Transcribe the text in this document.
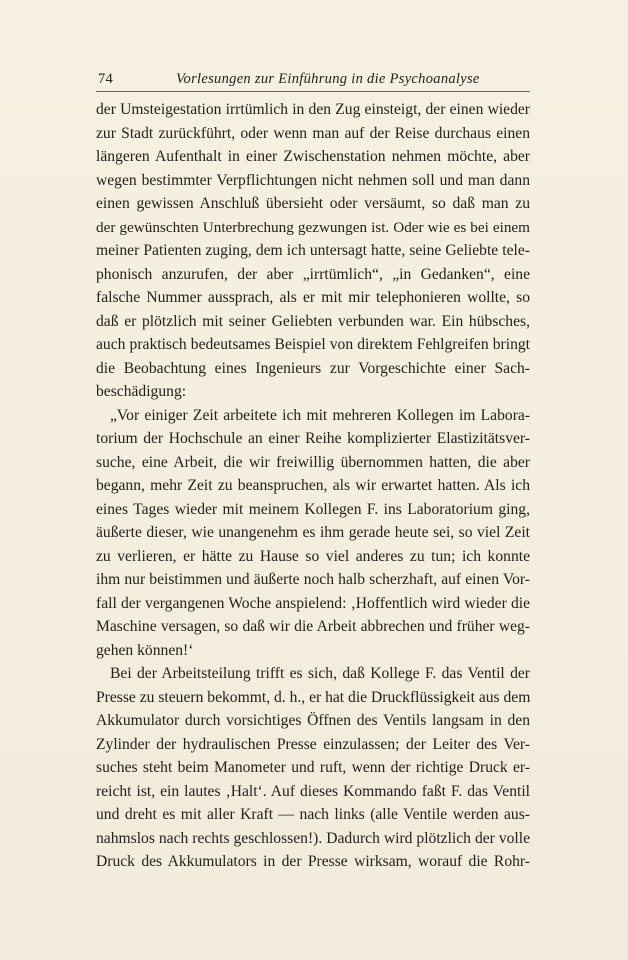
74	Vorlesungen zur Einführung in die Psychoanalyse
der Umsteigestation irrtümlich in den Zug einsteigt, der einen wieder
zur Stadt zurückführt, oder wenn man auf der Reise durchaus einen
längeren Aufenthalt in einer Zwischenstation nehmen möchte, aber
wegen bestimmter Verpflichtungen nicht nehmen soll und man dann
einen gewissen Anschluß übersieht oder versäumt, so daß man zu
der gewünschten Unterbrechung gezwungen ist. Oder wie es bei einem
meiner Patienten zuging, dem ich untersagt hatte, seine Geliebte tele-
phonisch anzurufen, der aber „irrtümlich“, „in Gedanken“, eine
falsche Nummer aussprach, als er mit mir telephonieren wollte, so
daß er plötzlich mit seiner Geliebten verbunden war. Ein hübsches,
auch praktisch bedeutsames Beispiel von direktem Fehlgreifen bringt
die Beobachtung eines Ingenieurs zur Vorgeschichte einer Sach-
beschädigung:
„Vor einiger Zeit arbeitete ich mit mehreren Kollegen im Labora-
torium der Hochschule an einer Reihe komplizierter Elastizitätsver-
suche, eine Arbeit, die wir freiwillig übernommen hatten, die aber
begann, mehr Zeit zu beanspruchen, als wir erwartet hatten. Als ich
eines Tages wieder mit meinem Kollegen F. ins Laboratorium ging,
äußerte dieser, wie unangenehm es ihm gerade heute sei, so viel Zeit
zu verlieren, er hätte zu Hause so viel anderes zu tun; ich konnte
ihm nur beistimmen und äußerte noch halb scherzhaft, auf einen Vor-
fall der vergangenen Woche anspielend: ‚Hoffentlich wird wieder die
Maschine versagen, so daß wir die Arbeit abbrechen und früher weg-
gehen können!‘
Bei der Arbeitsteilung trifft es sich, daß Kollege F. das Ventil der
Presse zu steuern bekommt, d. h., er hat die Druckflüssigkeit aus dem
Akkumulator durch vorsichtiges Öffnen des Ventils langsam in den
Zylinder der hydraulischen Presse einzulassen; der Leiter des Ver-
suches steht beim Manometer und ruft, wenn der richtige Druck er-
reicht ist, ein lautes ‚Halt‘. Auf dieses Kommando faßt F. das Ventil
und dreht es mit aller Kraft — nach links (alle Ventile werden aus-
nahmslos nach rechts geschlossen!). Dadurch wird plötzlich der volle
Druck des Akkumulators in der Presse wirksam, worauf die Rohr-
